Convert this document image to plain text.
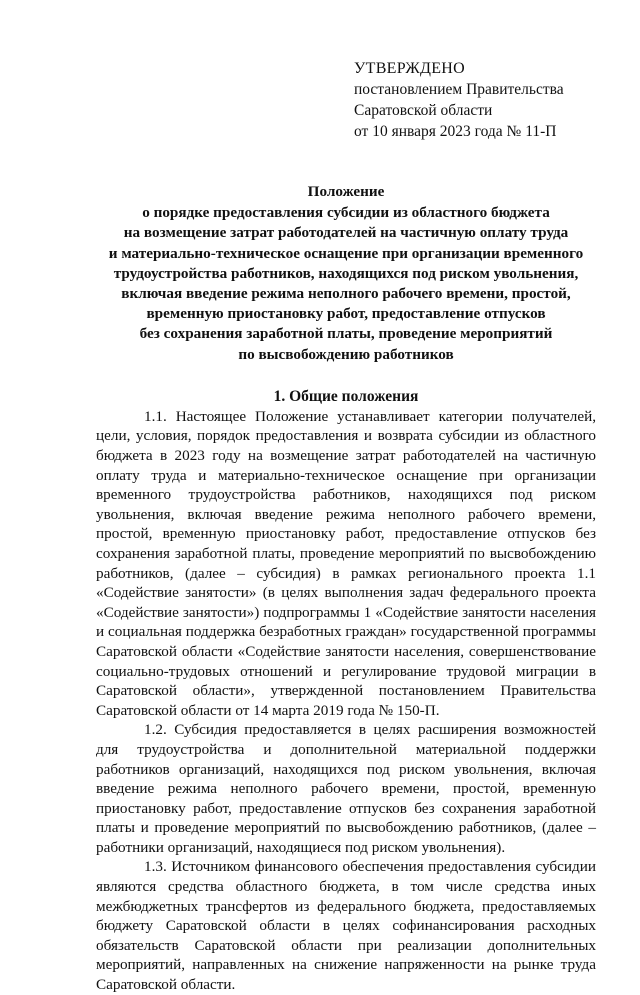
УТВЕРЖДЕНО
постановлением Правительства
Саратовской области
от 10 января 2023 года № 11-П
Положение
о порядке предоставления субсидии из областного бюджета
на возмещение затрат работодателей на частичную оплату труда
и материально-техническое оснащение при организации временного
трудоустройства работников, находящихся под риском увольнения,
включая введение режима неполного рабочего времени, простой,
временную приостановку работ, предоставление отпусков
без сохранения заработной платы, проведение мероприятий
по высвобождению работников
1. Общие положения

1.1. Настоящее Положение устанавливает категории получателей, цели, условия, порядок предоставления и возврата субсидии из областного бюджета в 2023 году на возмещение затрат работодателей на частичную оплату труда и материально-техническое оснащение при организации временного трудоустройства работников, находящихся под риском увольнения, включая введение режима неполного рабочего времени, простой, временную приостановку работ, предоставление отпусков без сохранения заработной платы, проведение мероприятий по высвобождению работников, (далее – субсидия) в рамках регионального проекта 1.1 «Содействие занятости» (в целях выполнения задач федерального проекта «Содействие занятости») подпрограммы 1 «Содействие занятости населения и социальная поддержка безработных граждан» государственной программы Саратовской области «Содействие занятости населения, совершенствование социально-трудовых отношений и регулирование трудовой миграции в Саратовской области», утвержденной постановлением Правительства Саратовской области от 14 марта 2019 года № 150-П.

1.2. Субсидия предоставляется в целях расширения возможностей для трудоустройства и дополнительной материальной поддержки работников организаций, находящихся под риском увольнения, включая введение режима неполного рабочего времени, простой, временную приостановку работ, предоставление отпусков без сохранения заработной платы и проведение мероприятий по высвобождению работников, (далее – работники организаций, находящиеся под риском увольнения).

1.3. Источником финансового обеспечения предоставления субсидии являются средства областного бюджета, в том числе средства иных межбюджетных трансфертов из федерального бюджета, предоставляемых бюджету Саратовской области в целях софинансирования расходных обязательств Саратовской области при реализации дополнительных мероприятий, направленных на снижение напряженности на рынке труда Саратовской области.
